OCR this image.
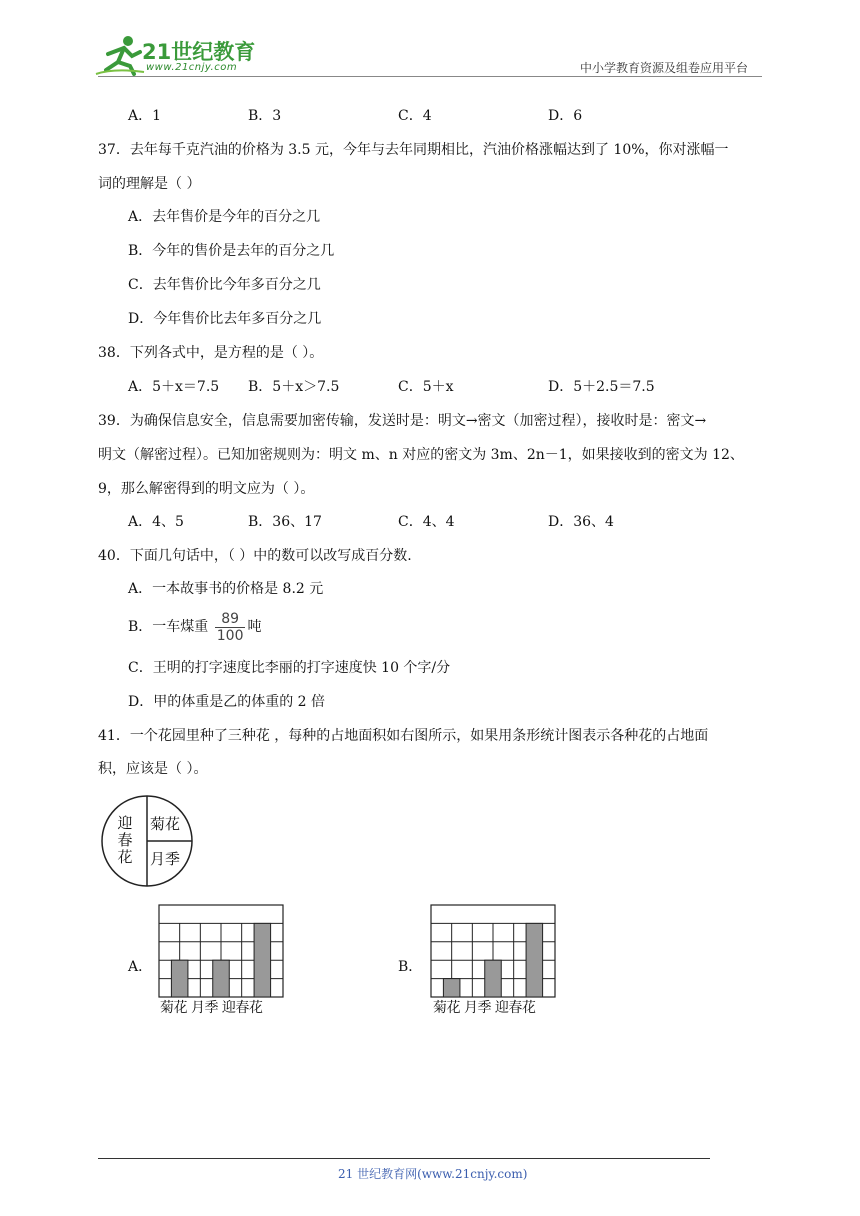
21世纪教育
www.21cnjy.com	中小学教育资源及组卷应用平台
A．1	B．3	C．4	D．6
37．去年每千克汽油的价格为 3.5 元，今年与去年同期相比，汽油价格涨幅达到了 10%，你对涨幅一
词的理解是（ ）
A．去年售价是今年的百分之几
B．今年的售价是去年的百分之几
C．去年售价比今年多百分之几
D．今年售价比去年多百分之几
38．下列各式中，是方程的是（ ）。
A．5＋x＝7.5 B．5＋x＞7.5	C．5＋x	D．5＋2.5＝7.5
39．为确保信息安全，信息需要加密传输，发送时是：明文→密文（加密过程），接收时是：密文→
明文（解密过程）。已知加密规则为：明文 m、n 对应的密文为 3m、2n－1，如果接收到的密文为 12、
9，那么解密得到的明文应为（ ）。
A．4、5	B．36、17	C．4、4	D．36、4
40．下面几句话中，（ ）中的数可以改写成百分数.
A．一本故事书的价格是 8.2 元
B．一车煤重 $\frac{89}{100}$ 吨
C．王明的打字速度比李丽的打字速度快 10 个字/分
D．甲的体重是乙的体重的 2 倍
41．一个花园里种了三种花 ，每种的占地面积如右图所示，如果用条形统计图表示各种花的占地面
积，应该是（ ）。
迎
春
花
菊花
月季
A．
菊花 月季 迎春花
B．
菊花 月季 迎春花
21 世纪教育网(www.21cnjy.com)
